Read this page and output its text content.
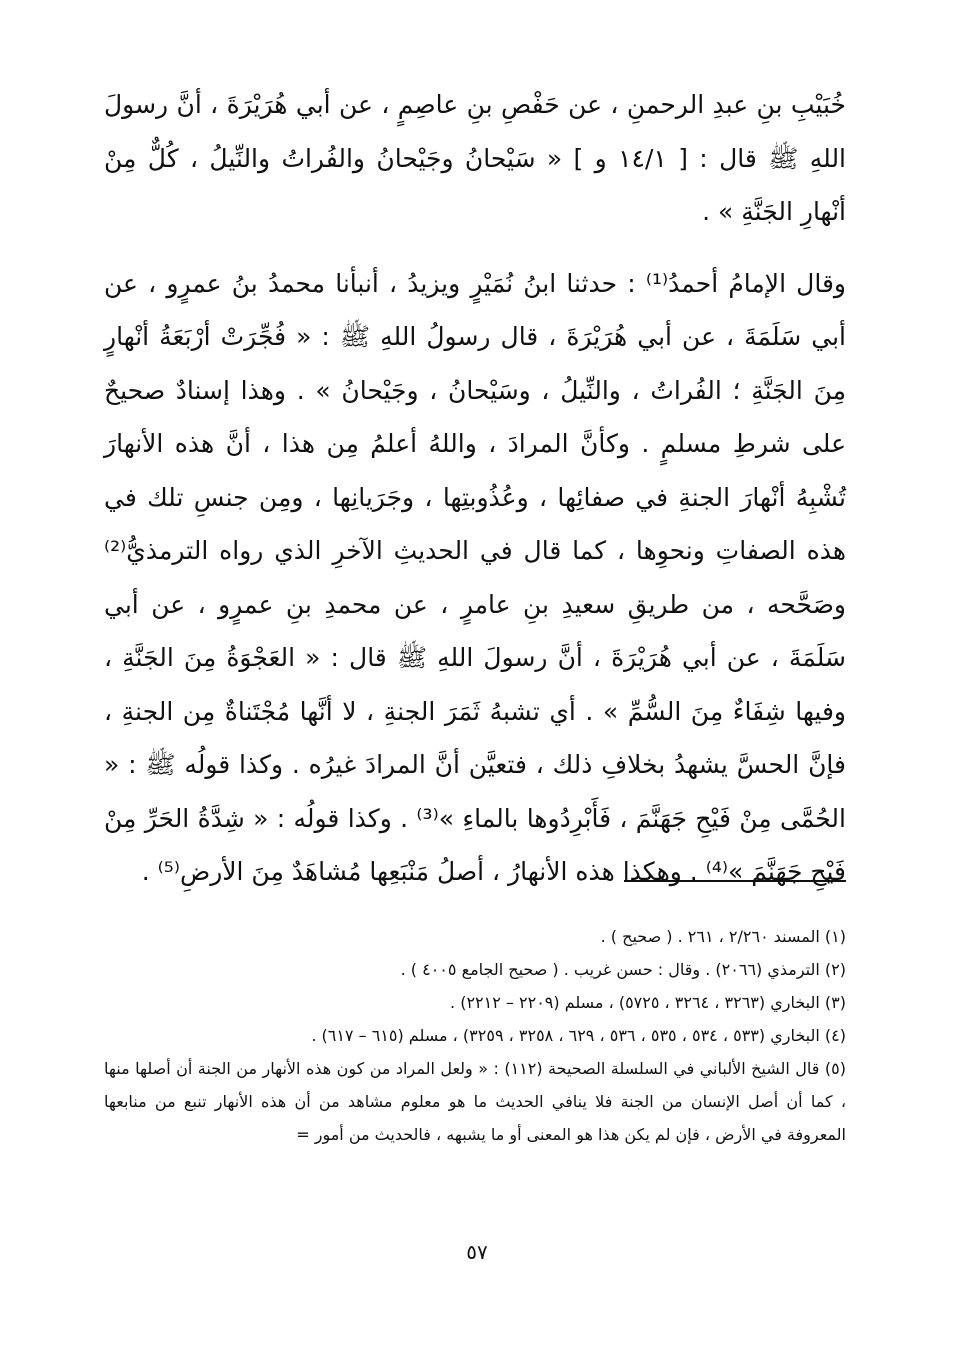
خُبَيْبِ بنِ عبدِ الرحمنِ ، عن حَفْصِ بنِ عاصِمٍ ، عن أبي هُرَيْرَةَ ، أنَّ رسولَ اللهِ ﷺ قال : [ ١٤/١ و ] « سَيْحانُ وجَيْحانُ والفُراتُ والنِّيلُ ، كُلٌّ مِنْ أنْهارِ الجَنَّةِ » .

وقال الإمامُ أحمدُ⁽¹⁾ : حدثنا ابنُ نُمَيْرٍ ويزيدُ ، أنبأنا محمدُ بنُ عمرٍو ، عن أبي سَلَمَةَ ، عن أبي هُرَيْرَةَ ، قال رسولُ اللهِ ﷺ : « فُجِّرَتْ أرْبَعَةُ أنْهارٍ مِنَ الجَنَّةِ ؛ الفُراتُ ، والنِّيلُ ، وسَيْحانُ ، وجَيْحانُ » . وهذا إسنادٌ صحيحٌ على شرطِ مسلمٍ . وكأنَّ المرادَ ، واللهُ أعلمُ مِن هذا ، أنَّ هذه الأنهارَ تُشْبِهُ أنْهارَ الجنةِ في صفائِها ، وعُذُوبتِها ، وجَرَيانِها ، ومِن جنسِ تلك في هذه الصفاتِ ونحوِها ، كما قال في الحديثِ الآخرِ الذي رواه الترمذيُّ⁽²⁾ وصَحَّحه ، من طريقِ سعيدِ بنِ عامرٍ ، عن محمدِ بنِ عمرٍو ، عن أبي سَلَمَةَ ، عن أبي هُرَيْرَةَ ، أنَّ رسولَ اللهِ ﷺ قال : « العَجْوَةُ مِنَ الجَنَّةِ ، وفيها شِفَاءٌ مِنَ السُّمِّ » . أي تشبهُ ثَمَرَ الجنةِ ، لا أنَّها مُجْتَناةٌ مِن الجنةِ ، فإنَّ الحسَّ يشهدُ بخلافِ ذلك ، فتعيَّن أنَّ المرادَ غيرُه . وكذا قولُه ﷺ : « الحُمَّى مِنْ فَيْحِ جَهَنَّمَ ، فَأَبْرِدُوها بالماءِ »⁽³⁾ . وكذا قولُه : « شِدَّةُ الحَرِّ مِنْ فَيْحِ جَهَنَّمَ »⁽⁴⁾ . وهكذا هذه الأنهارُ ، أصلُ مَنْبَعِها مُشاهَدٌ مِنَ الأرضِ⁽⁵⁾ .

(١) المسند ٢/٢٦٠ ، ٢٦١ . ( صحيح ) .
(٢) الترمذي (٢٠٦٦) . وقال : حسن غريب . ( صحيح الجامع ٤٠٠٥ ) .
(٣) البخاري (٣٢٦٣ ، ٣٢٦٤ ، ٥٧٢٥) ، مسلم (٢٢٠٩ – ٢٢١٢) .
(٤) البخاري (٥٣٣ ، ٥٣٤ ، ٥٣٥ ، ٥٣٦ ، ٦٢٩ ، ٣٢٥٨ ، ٣٢٥٩) ، مسلم (٦١٥ – ٦١٧) .
(٥) قال الشيخ الألباني في السلسلة الصحيحة (١١٢) : « ولعل المراد من كون هذه الأنهار من الجنة أن أصلها منها ، كما أن أصل الإنسان من الجنة فلا ينافي الحديث ما هو معلوم مشاهد من أن هذه الأنهار تنبع من منابعها المعروفة في الأرض ، فإن لم يكن هذا هو المعنى أو ما يشبهه ، فالحديث من أمور =
٥٧
